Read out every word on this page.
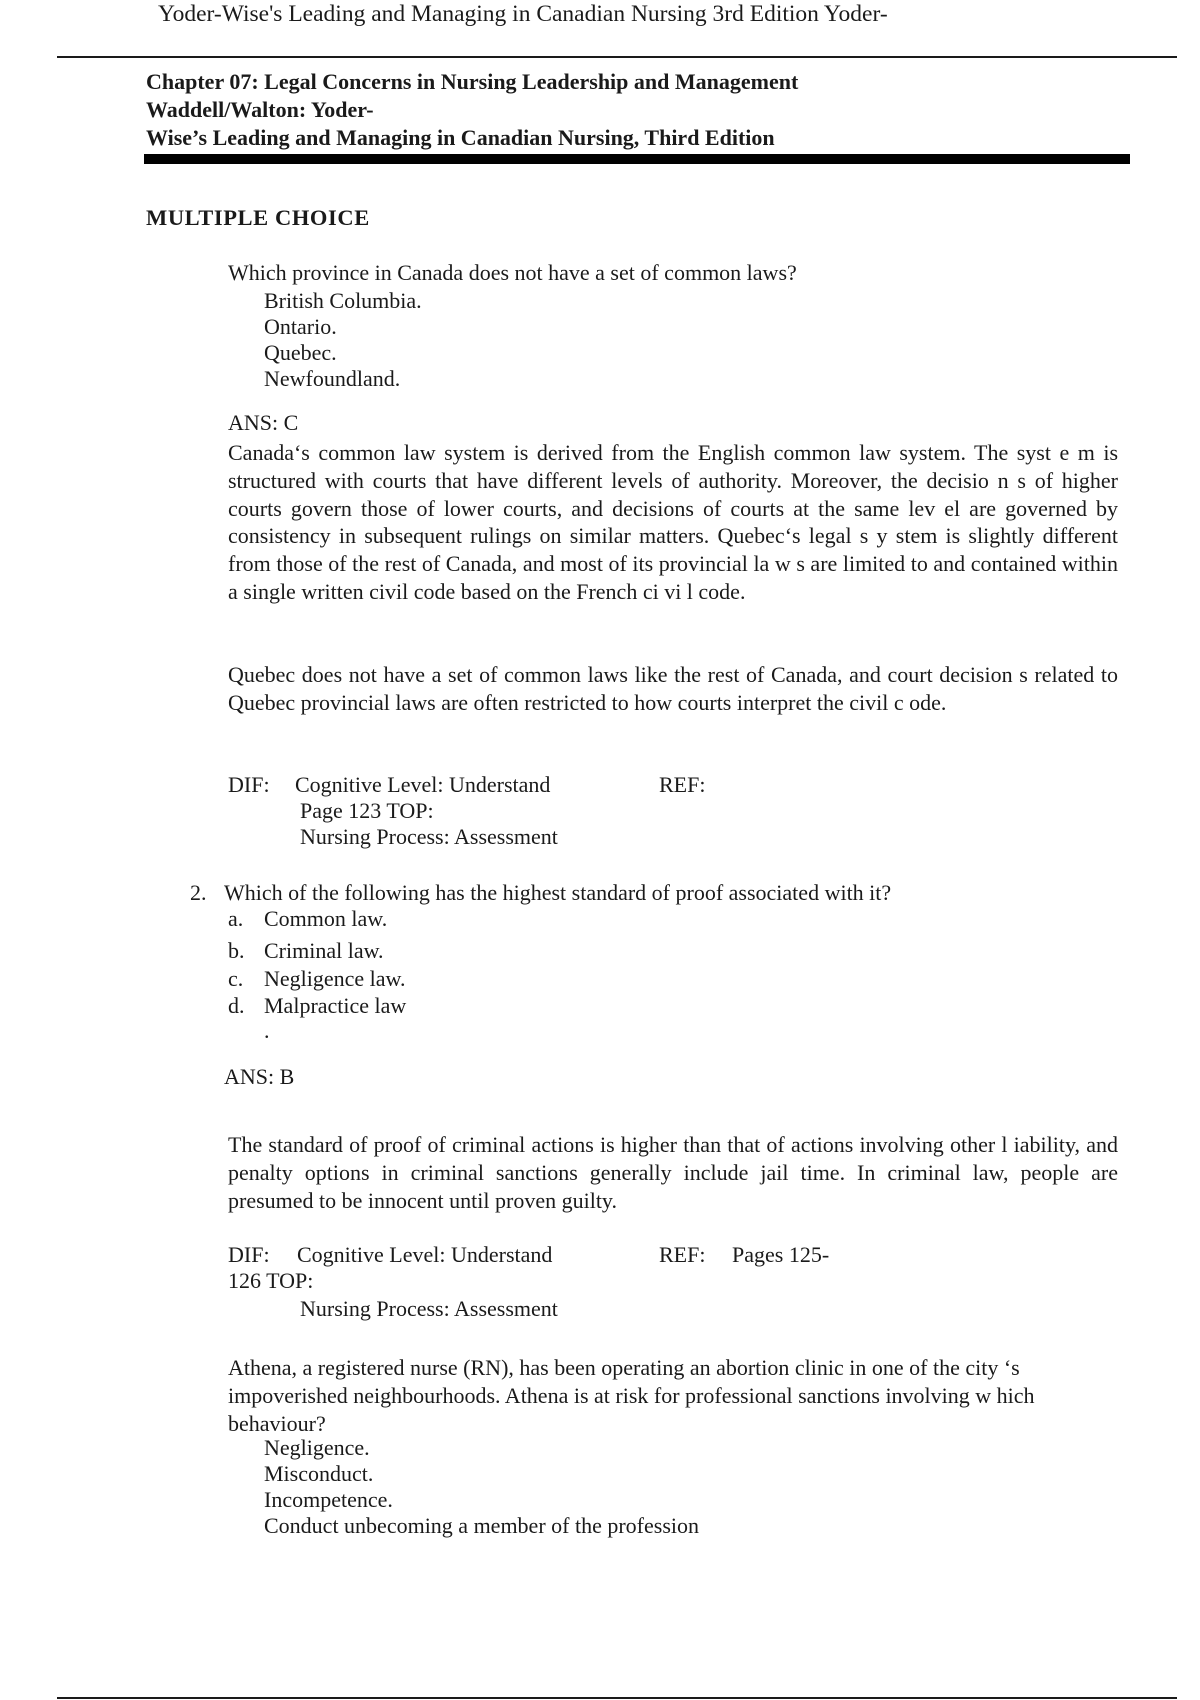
Yoder-Wise's Leading and Managing in Canadian Nursing 3rd Edition Yoder-

Chapter 07: Legal Concerns in Nursing Leadership and Management

Waddell/Walton: Yoder-

Wise’s Leading and Managing in Canadian Nursing, Third Edition

MULTIPLE CHOICE

Which province in Canada does not have a set of common laws?

British Columbia.

Ontario.

Quebec.

Newfoundland.

ANS: C

Canada‘s common law system is derived from the English common law system. The syst e m is structured with courts that have different levels of authority. Moreover, the decisio n s of higher courts govern those of lower courts, and decisions of courts at the same lev el are governed by consistency in subsequent rulings on similar matters. Quebec‘s legal s y stem is slightly different from those of the rest of Canada, and most of its provincial la w s are limited to and contained within a single written civil code based on the French ci vi l code.

Quebec does not have a set of common laws like the rest of Canada, and court decision s related to Quebec provincial laws are often restricted to how courts interpret the civil c ode.

DIF: Cognitive Level: Understand	REF:

Page 123 TOP:

Nursing Process: Assessment

2. Which of the following has the highest standard of proof associated with it?

a. Common law.

b. Criminal law.

c. Negligence law.

d. Malpractice law

.

ANS: B

The standard of proof of criminal actions is higher than that of actions involving other l iability, and penalty options in criminal sanctions generally include jail time. In criminal law, people are presumed to be innocent until proven guilty.

DIF: Cognitive Level: Understand	REF: Pages 125-

126 TOP:

Nursing Process: Assessment

Athena, a registered nurse (RN), has been operating an abortion clinic in one of the city ‘s impoverished neighbourhoods. Athena is at risk for professional sanctions involving w hich behaviour?

Negligence.

Misconduct.

Incompetence.

Conduct unbecoming a member of the profession
